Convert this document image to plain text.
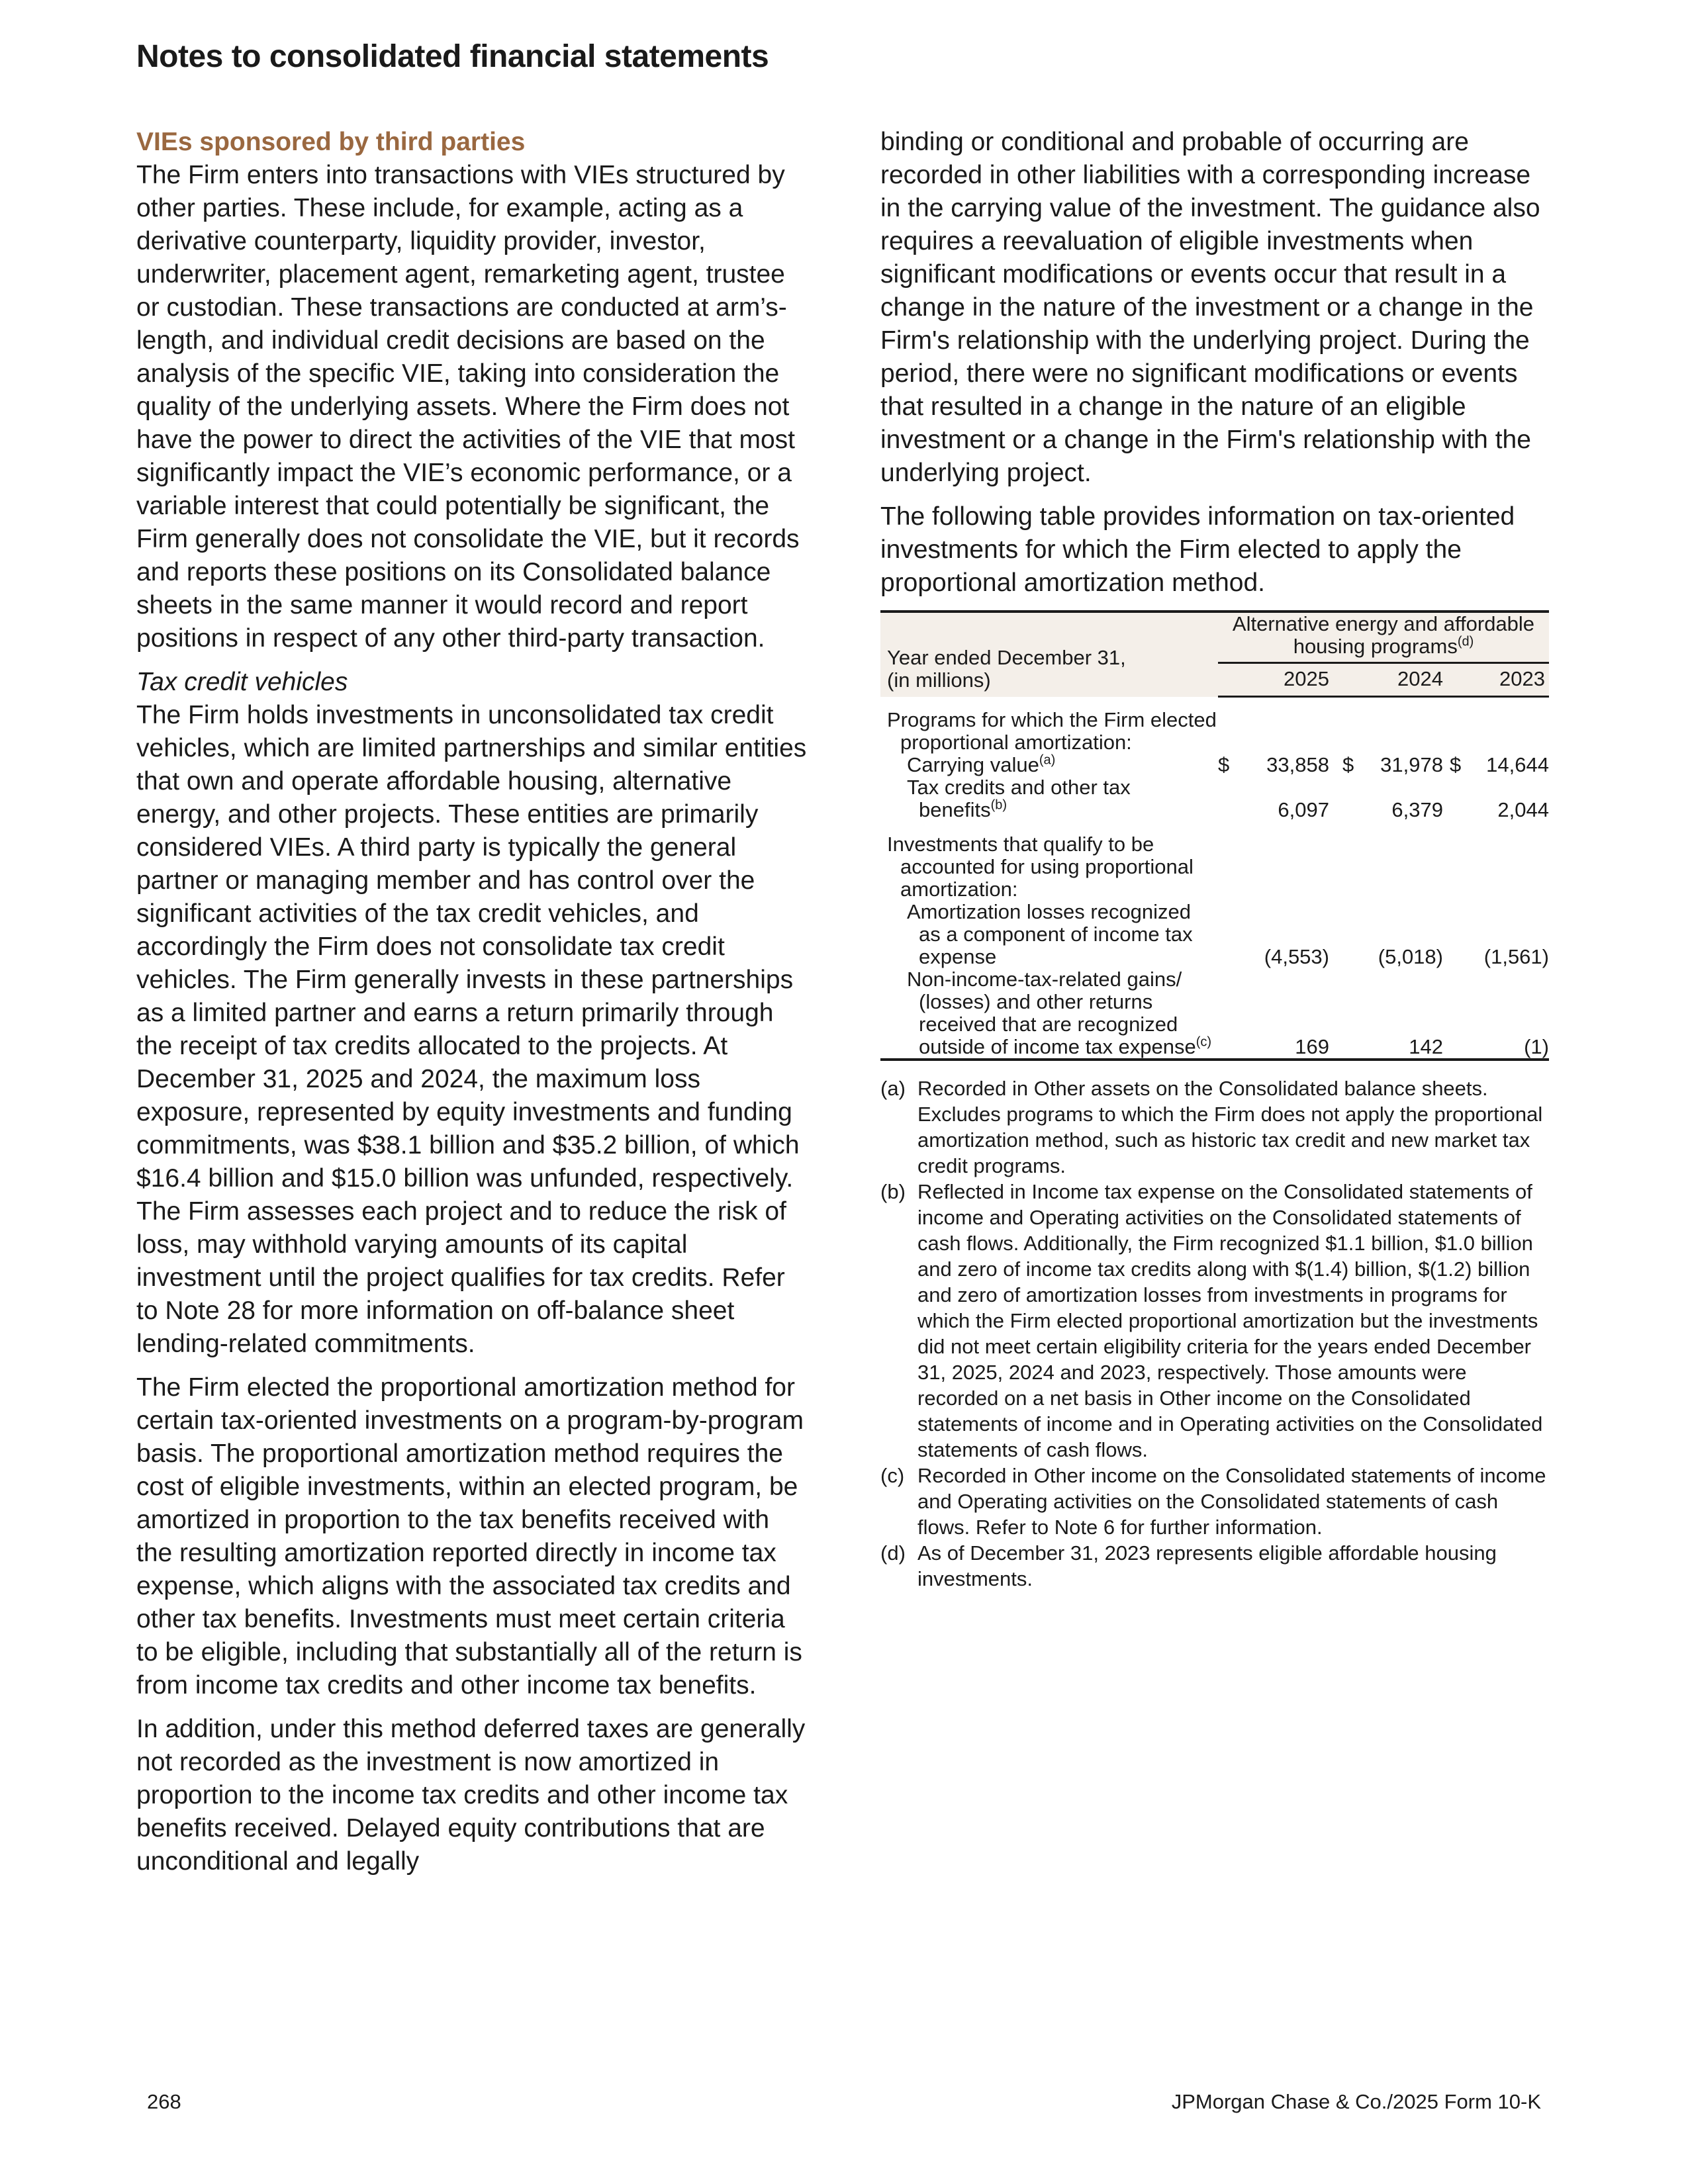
Notes to consolidated financial statements

VIEs sponsored by third parties
The Firm enters into transactions with VIEs structured by other parties. These include, for example, acting as a derivative counterparty, liquidity provider, investor, underwriter, placement agent, remarketing agent, trustee or custodian. These transactions are conducted at arm’s-length, and individual credit decisions are based on the analysis of the specific VIE, taking into consideration the quality of the underlying assets. Where the Firm does not have the power to direct the activities of the VIE that most significantly impact the VIE’s economic performance, or a variable interest that could potentially be significant, the Firm generally does not consolidate the VIE, but it records and reports these positions on its Consolidated balance sheets in the same manner it would record and report positions in respect of any other third-party transaction.

Tax credit vehicles
The Firm holds investments in unconsolidated tax credit vehicles, which are limited partnerships and similar entities that own and operate affordable housing, alternative energy, and other projects. These entities are primarily considered VIEs. A third party is typically the general partner or managing member and has control over the significant activities of the tax credit vehicles, and accordingly the Firm does not consolidate tax credit vehicles. The Firm generally invests in these partnerships as a limited partner and earns a return primarily through the receipt of tax credits allocated to the projects. At December 31, 2025 and 2024, the maximum loss exposure, represented by equity investments and funding commitments, was $38.1 billion and $35.2 billion, of which $16.4 billion and $15.0 billion was unfunded, respectively. The Firm assesses each project and to reduce the risk of loss, may withhold varying amounts of its capital investment until the project qualifies for tax credits. Refer to Note 28 for more information on off-balance sheet lending-related commitments.

The Firm elected the proportional amortization method for certain tax-oriented investments on a program-by-program basis. The proportional amortization method requires the cost of eligible investments, within an elected program, be amortized in proportion to the tax benefits received with the resulting amortization reported directly in income tax expense, which aligns with the associated tax credits and other tax benefits. Investments must meet certain criteria to be eligible, including that substantially all of the return is from income tax credits and other income tax benefits.

In addition, under this method deferred taxes are generally not recorded as the investment is now amortized in proportion to the income tax credits and other income tax benefits received. Delayed equity contributions that are unconditional and legally

binding or conditional and probable of occurring are recorded in other liabilities with a corresponding increase in the carrying value of the investment. The guidance also requires a reevaluation of eligible investments when significant modifications or events occur that result in a change in the nature of the investment or a change in the Firm's relationship with the underlying project. During the period, there were no significant modifications or events that resulted in a change in the nature of an eligible investment or a change in the Firm's relationship with the underlying project.

The following table provides information on tax-oriented investments for which the Firm elected to apply the proportional amortization method.

Year ended December 31,
(in millions)	Alternative energy and affordable housing programs$^{(d)}$
	2025	2024	2023

Programs for which the Firm elected proportional amortization:			

Carrying value$^{(a)}$	$ 33,858	$ 31,978	$ 14,644

Tax credits and other tax benefits$^{(b)}$	6,097	6,379	2,044

Investments that qualify to be accounted for using proportional amortization:			

Amortization losses recognized as a component of income tax expense	(4,553)	(5,018)	(1,561)

Non-income-tax-related gains/ (losses) and other returns received that are recognized outside of income tax expense$^{(c)}$	169	142	(1)
(a) Recorded in Other assets on the Consolidated balance sheets. Excludes programs to which the Firm does not apply the proportional amortization method, such as historic tax credit and new market tax credit programs.
(b) Reflected in Income tax expense on the Consolidated statements of income and Operating activities on the Consolidated statements of cash flows. Additionally, the Firm recognized $1.1 billion, $1.0 billion and zero of income tax credits along with $(1.4) billion, $(1.2) billion and zero of amortization losses from investments in programs for which the Firm elected proportional amortization but the investments did not meet certain eligibility criteria for the years ended December 31, 2025, 2024 and 2023, respectively. Those amounts were recorded on a net basis in Other income on the Consolidated statements of income and in Operating activities on the Consolidated statements of cash flows.
(c) Recorded in Other income on the Consolidated statements of income and Operating activities on the Consolidated statements of cash flows. Refer to Note 6 for further information.
(d) As of December 31, 2023 represents eligible affordable housing investments.
268	JPMorgan Chase & Co./2025 Form 10-K
